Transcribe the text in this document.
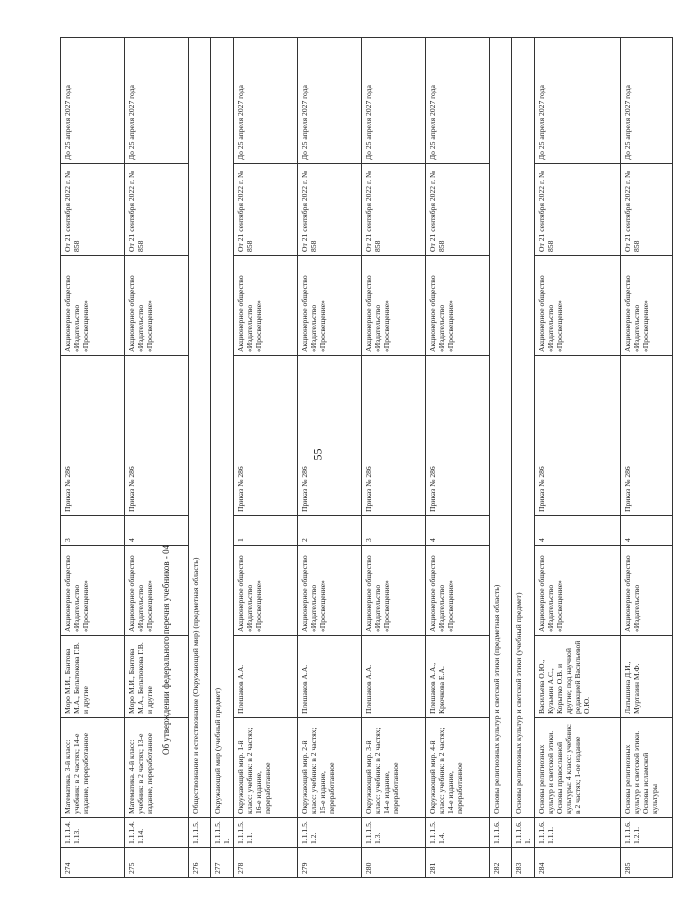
55
274	1.1.1.4.1.13.	Математика. 3-й класс: учебник: в 2 частях; 14-е издание, переработанное	Моро М.И., Бантова М.А., Бельтюкова Г.В. и другие	Акционерное общество «Издательство «Просвещение»	3	Приказ № 286	Акционерное общество «Издательство «Просвещение»	От 21 сентября 2022 г. № 858	До 25 апреля 2027 года
275	1.1.1.4.1.14.	Математика. 4-й класс: учебник: в 2 частях; 13-е издание, переработанное	Моро М.И., Бантова М.А., Бельтюкова Г.В. и другие	Акционерное общество «Издательство «Просвещение»	4	Приказ № 286	Акционерное общество «Издательство «Просвещение»	От 21 сентября 2022 г. № 858	До 25 апреля 2027 года
276	1.1.1.5.	Обществознание и естествознание (Окружающий мир) (предметная область)							
277	1.1.1.5.1.	Окружающий мир (учебный предмет)							
278	1.1.1.5.1.1.	Окружающий мир. 1-й класс: учебник: в 2 частях; 16-е издание, переработанное	Плешаков А.А.	Акционерное общество «Издательство «Просвещение»	1	Приказ № 286	Акционерное общество «Издательство «Просвещение»	От 21 сентября 2022 г. № 858	До 25 апреля 2027 года
279	1.1.1.5.1.2.	Окружающий мир. 2-й класс: учебник: в 2 частях; 15-е издание, переработанное	Плешаков А.А.	Акционерное общество «Издательство «Просвещение»	2	Приказ № 286	Акционерное общество «Издательство «Просвещение»	От 21 сентября 2022 г. № 858	До 25 апреля 2027 года
280	1.1.1.5.1.3.	Окружающий мир. 3-й класс: учебник: в 2 частях; 14-е издание, переработанное	Плешаков А.А.	Акционерное общество «Издательство «Просвещение»	3	Приказ № 286	Акционерное общество «Издательство «Просвещение»	От 21 сентября 2022 г. № 858	До 25 апреля 2027 года
281	1.1.1.5.1.4.	Окружающий мир. 4-й класс: учебник: в 2 частях; 14-е издание, переработанное	Плешаков А.А., Крючкова Е.А.	Акционерное общество «Издательство «Просвещение»	4	Приказ № 286	Акционерное общество «Издательство «Просвещение»	От 21 сентября 2022 г. № 858	До 25 апреля 2027 года
282	1.1.1.6.	Основы религиозных культур и светской этики (предметная область)							
283	1.1.1.6.1.	Основы религиозных культур и светской этики (учебный предмет)							
284	1.1.1.6.1.1.1.	Основы религиозных культур и светской этики. Основы православной культуры: 4 класс: учебник: в 2 частях; 1-ое издание	Васильева О.Ю., Кузьмин А.С., Корытко О.В. и другие; под научной редакцией Васильевой О.Ю.	Акционерное общество «Издательство «Просвещение»	4	Приказ № 286	Акционерное общество «Издательство «Просвещение»	От 21 сентября 2022 г. № 858	До 25 апреля 2027 года
285	1.1.1.6.1.2.1.	Основы религиозных культур и светской этики. Основы исламской культуры	Латышина Д.И., Муртазин М.Ф.	Акционерное общество «Издательство	4	Приказ № 286	Акционерное общество «Издательство «Просвещение»	От 21 сентября 2022 г. № 858	До 25 апреля 2027 года
Об утверждении федерального перечня учебников - 04
